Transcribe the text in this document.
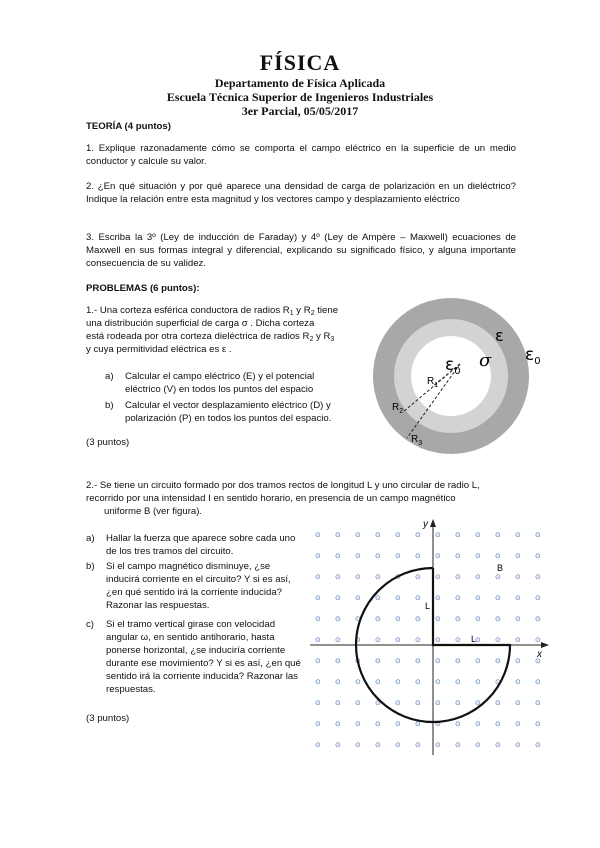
FÍSICA
Departamento de Física Aplicada
Escuela Técnica Superior de Ingenieros Industriales
3er Parcial, 05/05/2017
TEORÍA (4 puntos)
1. Explique razonadamente cómo se comporta el campo eléctrico en la superficie de un medio conductor y calcule su valor.
2. ¿En qué situación y por qué aparece una densidad de carga de polarización en un dieléctrico? Indique la relación entre esta magnitud y los vectores campo y desplazamiento eléctrico
3. Escriba la 3º (Ley de inducción de Faraday) y 4º (Ley de Ampère – Maxwell) ecuaciones de Maxwell en sus formas integral y diferencial, explicando su significado físico, y alguna importante consecuencia de su validez.
PROBLEMAS (6 puntos):
1.- Una corteza esférica conductora de radios $R_1$ y $R_2$ tiene
una distribución superficial de carga σ . Dicha corteza
está rodeada por otra corteza dieléctrica de radios $R_2$ y $R_3$
y cuya permitividad eléctrica es ε .
a)	Calcular el campo eléctrico (E) y el potencial
eléctrico (V) en todos los puntos del espacio
b)	Calcular el vector desplazamiento eléctrico (D) y
polarización (P) en todos los puntos del espacio.
(3 puntos)
$\varepsilon_0$
σ
ε
$\varepsilon_0$
$R_1$
$R_2$
$R_3$
2.- Se tiene un circuito formado por dos tramos rectos de longitud L y uno circular de radio L,
recorrido por una intensidad I en sentido horario, en presencia de un campo magnético
uniforme B (ver figura).
a)	Hallar la fuerza que aparece sobre cada uno
de los tres tramos del circuito.
b)	Si el campo magnético disminuye, ¿se
inducirá corriente en el circuito? Y si es así,
¿en qué sentido irá la corriente inducida?
Razonar las respuestas.
c)	Si el tramo vertical girase con velocidad
angular ω, en sentido antihorario, hasta
ponerse horizontal, ¿se induciría corriente
durante ese movimiento? Y si es así, ¿en qué
sentido irá la corriente inducida? Razonar las
respuestas.
(3 puntos)
⊙ ⊙ ⊙ ⊙ ⊙ ⊙ ⊙ ⊙ ⊙ ⊙ ⊙ ⊙
⊙ ⊙ ⊙ ⊙ ⊙ ⊙ ⊙ ⊙ ⊙ ⊙ ⊙ ⊙
⊙ ⊙ ⊙ ⊙ ⊙ ⊙ ⊙ ⊙ ⊙ ⊙ ⊙ ⊙
⊙ ⊙ ⊙ ⊙ ⊙ ⊙ ⊙ ⊙ ⊙ ⊙ ⊙ ⊙
⊙ ⊙ ⊙ ⊙ ⊙ ⊙ ⊙ ⊙ ⊙ ⊙ ⊙ ⊙
⊙ ⊙ ⊙ ⊙ ⊙ ⊙ ⊙ ⊙ ⊙ ⊙ ⊙ ⊙
⊙ ⊙ ⊙ ⊙ ⊙ ⊙ ⊙ ⊙ ⊙ ⊙ ⊙ ⊙
⊙ ⊙ ⊙ ⊙ ⊙ ⊙ ⊙ ⊙ ⊙ ⊙ ⊙ ⊙
⊙ ⊙ ⊙ ⊙ ⊙ ⊙ ⊙ ⊙ ⊙ ⊙ ⊙ ⊙
⊙ ⊙ ⊙ ⊙ ⊙ ⊙ ⊙ ⊙ ⊙ ⊙ ⊙ ⊙
⊙ ⊙ ⊙ ⊙ ⊙ ⊙ ⊙ ⊙ ⊙ ⊙ ⊙ ⊙
y
x
L
L
B
